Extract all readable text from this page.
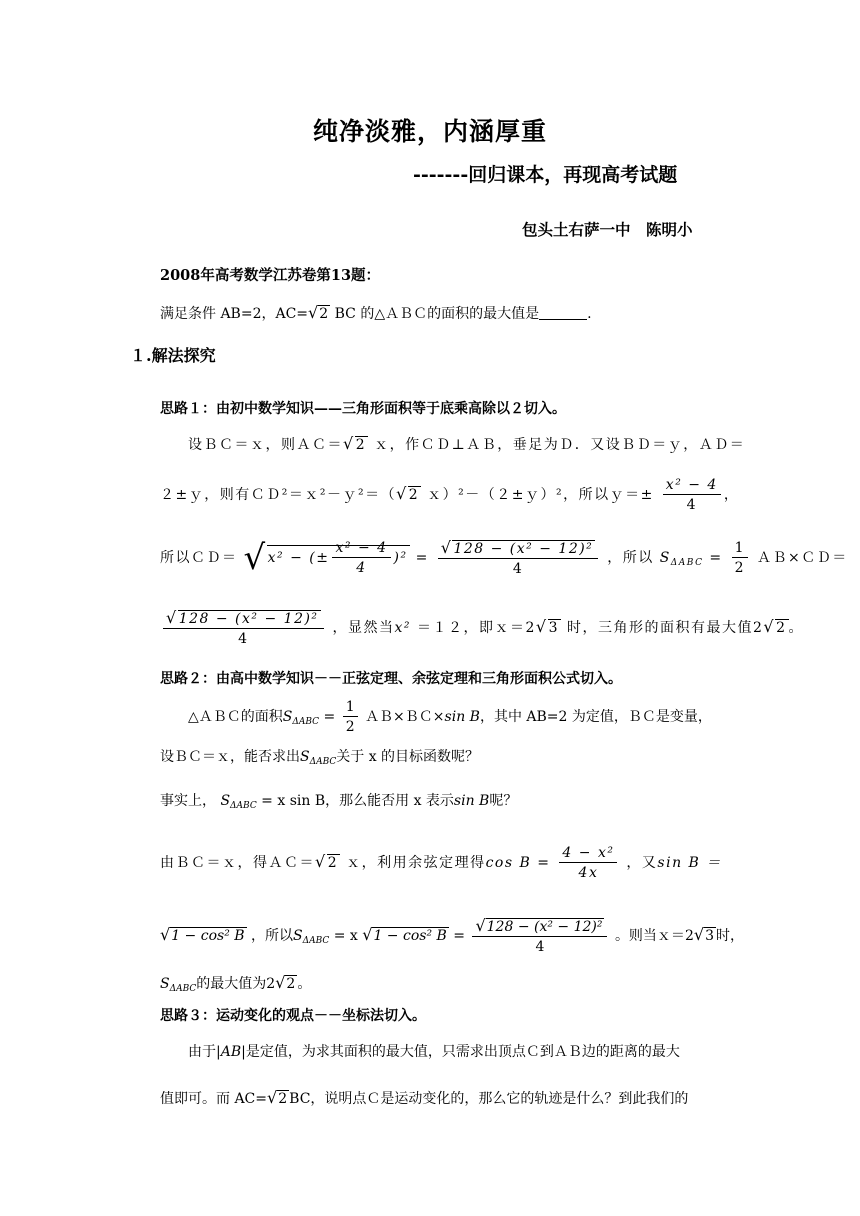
纯净淡雅，内涵厚重
-------回归课本，再现高考试题
包头土右萨一中　陈明小
2008年高考数学江苏卷第13题：
满足条件 AB=2，AC=√2 BC 的△ＡＢＣ的面积的最大值是	.
１.解法探究
思路１：由初中数学知识——三角形面积等于底乘高除以２切入。
设ＢＣ＝ｘ，则ＡＣ＝√2 ｘ，作ＣＤ⊥ＡＢ，垂足为Ｄ．又设ＢＤ＝ｙ，ＡＤ＝
２±ｙ，则有ＣＤ²＝ｘ²－ｙ²＝（√2 ｘ）²－（２±ｙ）²，所以ｙ＝± $\frac{\text{x² − 4}}{4}$ ，
所以ＣＤ＝ √x² − (± $\frac{\text{x² − 4}}{4} )^2 = \frac{\text{√128 − (x² − 12)²}}{4}$ ，所以 $S_{\Delta ABC} = \frac{1}{2}$ ＡＢ×ＣＤ＝
$\frac{\text{√128 − (x² − 12)²}}{4}$ ，显然当x² ＝１２，即ｘ＝2√3 时，三角形的面积有最大值2√2 。
思路２：由高中数学知识－－正弦定理、余弦定理和三角形面积公式切入。
△ＡＢＣ的面积$S_{\Delta ABC} = \frac{1}{2}$ ＡＢ×ＢＣ×sin B，其中 AB=2 为定值，ＢＣ是变量，
设ＢＣ＝ｘ，能否求出$S_{\Delta ABC}$关于 x 的目标函数呢？
事实上， $S_{\Delta ABC} = x$ sin B，那么能否用 x 表示sin B呢？
由ＢＣ＝ｘ，得ＡＣ＝√2 ｘ，利用余弦定理得$\cos B = \frac{\text{4 − x²}}{4x}$ ，又sin B ＝
√1 − cos² B ，所以$S_{\Delta ABC} = x$ √1 − cos² $B = \frac{\text{√128 − (x² − 12)²}}{4}$ 。则当ｘ＝2√3 时，
$S_{\Delta ABC}$的最大值为2√2 。
思路３：运动变化的观点－－坐标法切入。
由于|AB|是定值，为求其面积的最大值，只需求出顶点Ｃ到ＡＢ边的距离的最大
值即可。而 AC=√2 BC，说明点Ｃ是运动变化的，那么它的轨迹是什么？到此我们的
